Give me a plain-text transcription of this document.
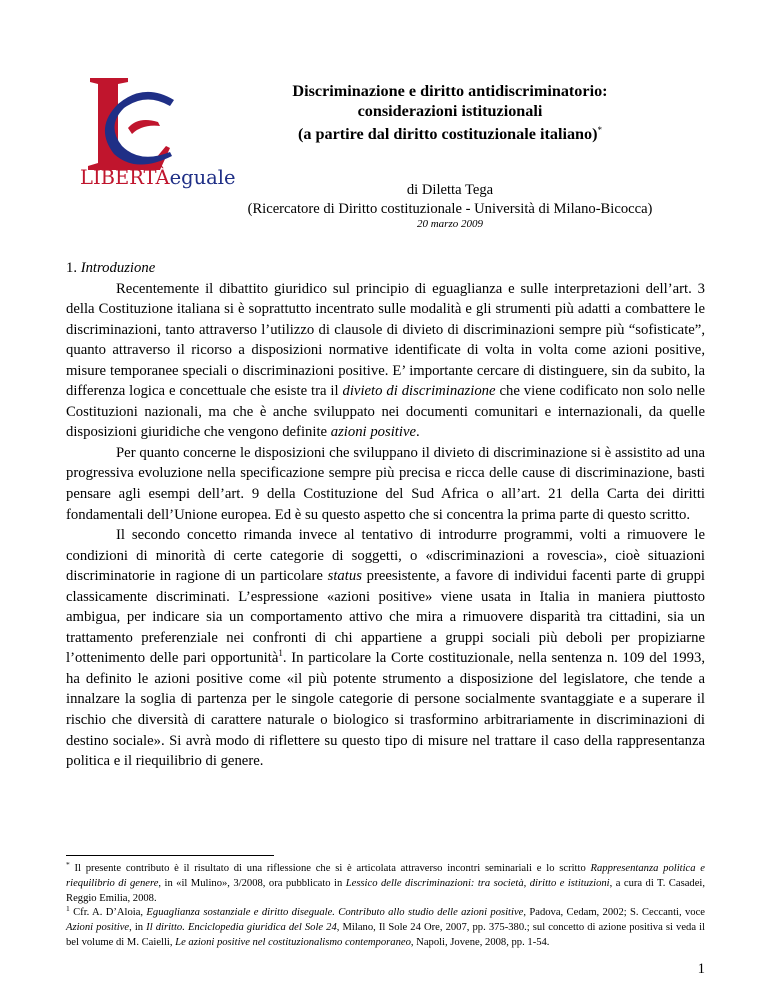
LIBERTÀeguale
Discriminazione e diritto antidiscriminatorio:
considerazioni istituzionali
(a partire dal diritto costituzionale italiano)*
di Diletta Tega
(Ricercatore di Diritto costituzionale - Università di Milano-Bicocca)
20 marzo 2009

1. Introduzione

Recentemente il dibattito giuridico sul principio di eguaglianza e sulle interpretazioni dell’art. 3 della Costituzione italiana si è soprattutto incentrato sulle modalità e gli strumenti più adatti a combattere le discriminazioni, tanto attraverso l’utilizzo di clausole di divieto di discriminazioni sempre più “sofisticate”, quanto attraverso il ricorso a disposizioni normative identificate di volta in volta come azioni positive, misure temporanee speciali o discriminazioni positive. E’ importante cercare di distinguere, sin da subito, la differenza logica e concettuale che esiste tra il divieto di discriminazione che viene codificato non solo nelle Costituzioni nazionali, ma che è anche sviluppato nei documenti comunitari e internazionali, da quelle disposizioni giuridiche che vengono definite azioni positive.

Per quanto concerne le disposizioni che sviluppano il divieto di discriminazione si è assistito ad una progressiva evoluzione nella specificazione sempre più precisa e ricca delle cause di discriminazione, basti pensare agli esempi dell’art. 9 della Costituzione del Sud Africa o all’art. 21 della Carta dei diritti fondamentali dell’Unione europea. Ed è su questo aspetto che si concentra la prima parte di questo scritto.

Il secondo concetto rimanda invece al tentativo di introdurre programmi, volti a rimuovere le condizioni di minorità di certe categorie di soggetti, o «discriminazioni a rovescia», cioè situazioni discriminatorie in ragione di un particolare status preesistente, a favore di individui facenti parte di gruppi classicamente discriminati. L’espressione «azioni positive» viene usata in Italia in maniera piuttosto ambigua, per indicare sia un comportamento attivo che mira a rimuovere disparità tra cittadini, sia un trattamento preferenziale nei confronti di chi appartiene a gruppi sociali più deboli per propiziarne l’ottenimento delle pari opportunità$^1$. In particolare la Corte costituzionale, nella sentenza n. 109 del 1993, ha definito le azioni positive come «il più potente strumento a disposizione del legislatore, che tende a innalzare la soglia di partenza per le singole categorie di persone socialmente svantaggiate e a superare il rischio che diversità di carattere naturale o biologico si trasformino arbitrariamente in discriminazioni di destino sociale». Si avrà modo di riflettere su questo tipo di misure nel trattare il caso della rappresentanza politica e il riequilibrio di genere.

* Il presente contributo è il risultato di una riflessione che si è articolata attraverso incontri seminariali e lo scritto Rappresentanza politica e riequilibrio di genere, in «il Mulino», 3/2008, ora pubblicato in Lessico delle discriminazioni: tra società, diritto e istituzioni, a cura di T. Casadei, Reggio Emilia, 2008.

$^1$ Cfr. A. D’Aloia, Eguaglianza sostanziale e diritto diseguale. Contributo allo studio delle azioni positive, Padova, Cedam, 2002; S. Ceccanti, voce Azioni positive, in Il diritto. Enciclopedia giuridica del Sole 24, Milano, Il Sole 24 Ore, 2007, pp. 375-380.; sul concetto di azione positiva si veda il bel volume di M. Caielli, Le azioni positive nel costituzionalismo contemporaneo, Napoli, Jovene, 2008, pp. 1-54.

1
